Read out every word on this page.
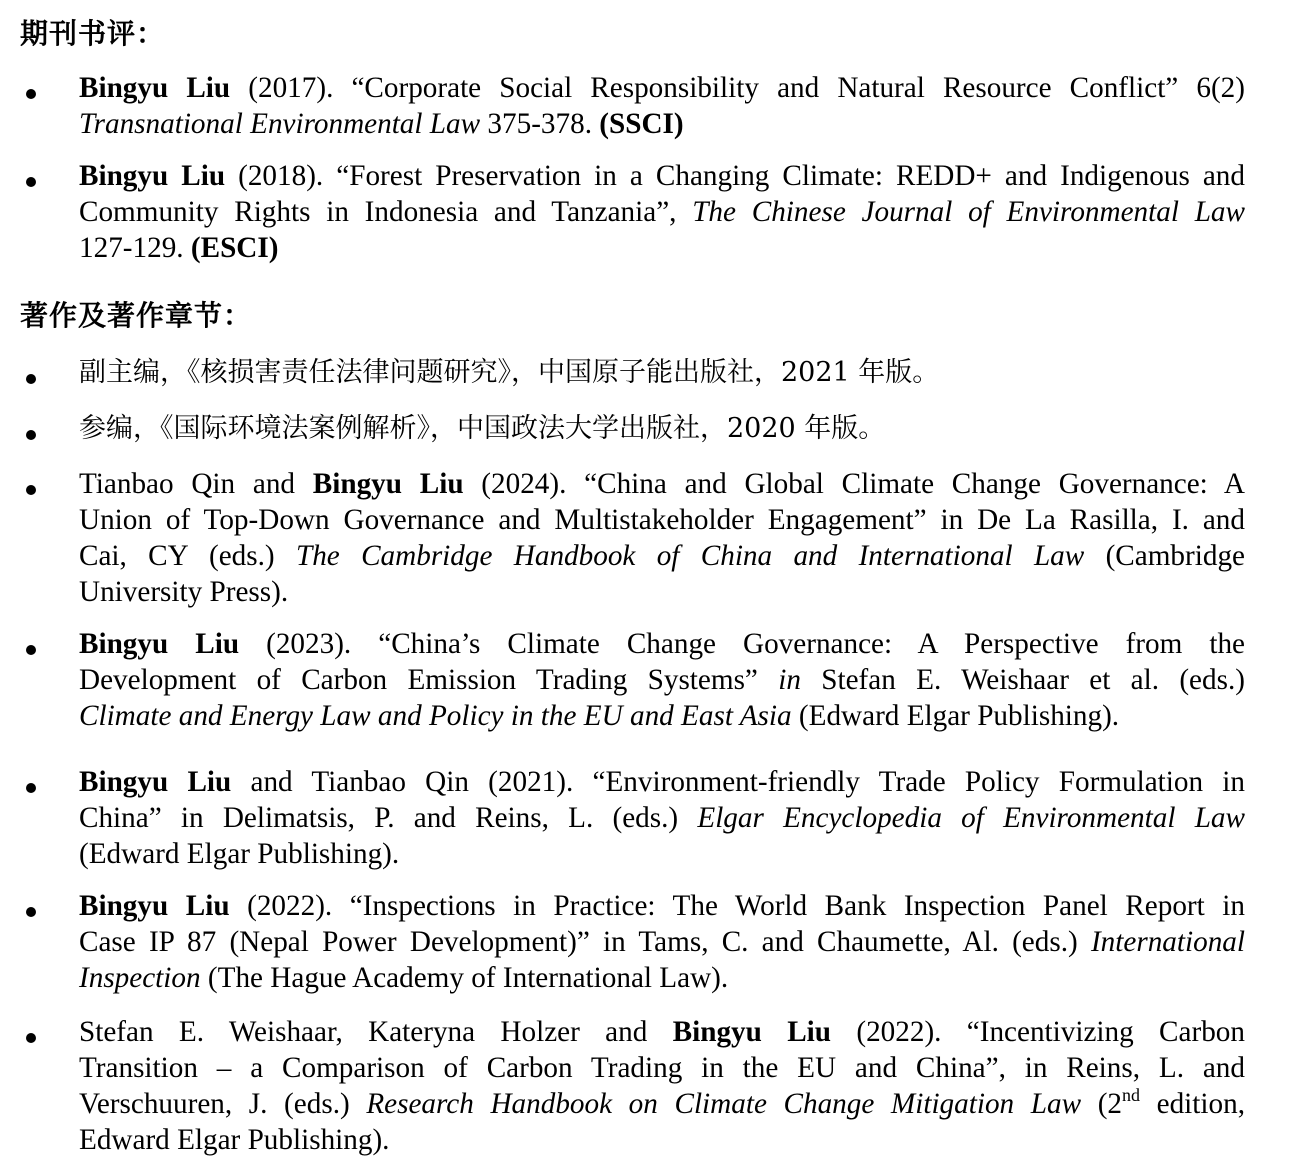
期刊书评：
Bingyu Liu (2017). “Corporate Social Responsibility and Natural Resource Conflict” 6(2)
Transnational Environmental Law 375-378. (SSCI)
Bingyu Liu (2018). “Forest Preservation in a Changing Climate: REDD+ and Indigenous and
Community Rights in Indonesia and Tanzania”, The Chinese Journal of Environmental Law
127-129. (ESCI)
著作及著作章节：
副主编，《核损害责任法律问题研究》，中国原子能出版社，2021 年版。
参编，《国际环境法案例解析》，中国政法大学出版社，2020 年版。
Tianbao Qin and Bingyu Liu (2024). “China and Global Climate Change Governance: A
Union of Top-Down Governance and Multistakeholder Engagement” in De La Rasilla, I. and
Cai, CY (eds.) The Cambridge Handbook of China and International Law (Cambridge
University Press).
Bingyu Liu (2023). “China’s Climate Change Governance: A Perspective from the
Development of Carbon Emission Trading Systems” in Stefan E. Weishaar et al. (eds.)
Climate and Energy Law and Policy in the EU and East Asia (Edward Elgar Publishing).
Bingyu Liu and Tianbao Qin (2021). “Environment-friendly Trade Policy Formulation in
China” in Delimatsis, P. and Reins, L. (eds.) Elgar Encyclopedia of Environmental Law
(Edward Elgar Publishing).
Bingyu Liu (2022). “Inspections in Practice: The World Bank Inspection Panel Report in
Case IP 87 (Nepal Power Development)” in Tams, C. and Chaumette, Al. (eds.) International
Inspection (The Hague Academy of International Law).
Stefan E. Weishaar, Kateryna Holzer and Bingyu Liu (2022). “Incentivizing Carbon
Transition – a Comparison of Carbon Trading in the EU and China”, in Reins, L. and
Verschuuren, J. (eds.) Research Handbook on Climate Change Mitigation Law (2nd edition,
Edward Elgar Publishing).
